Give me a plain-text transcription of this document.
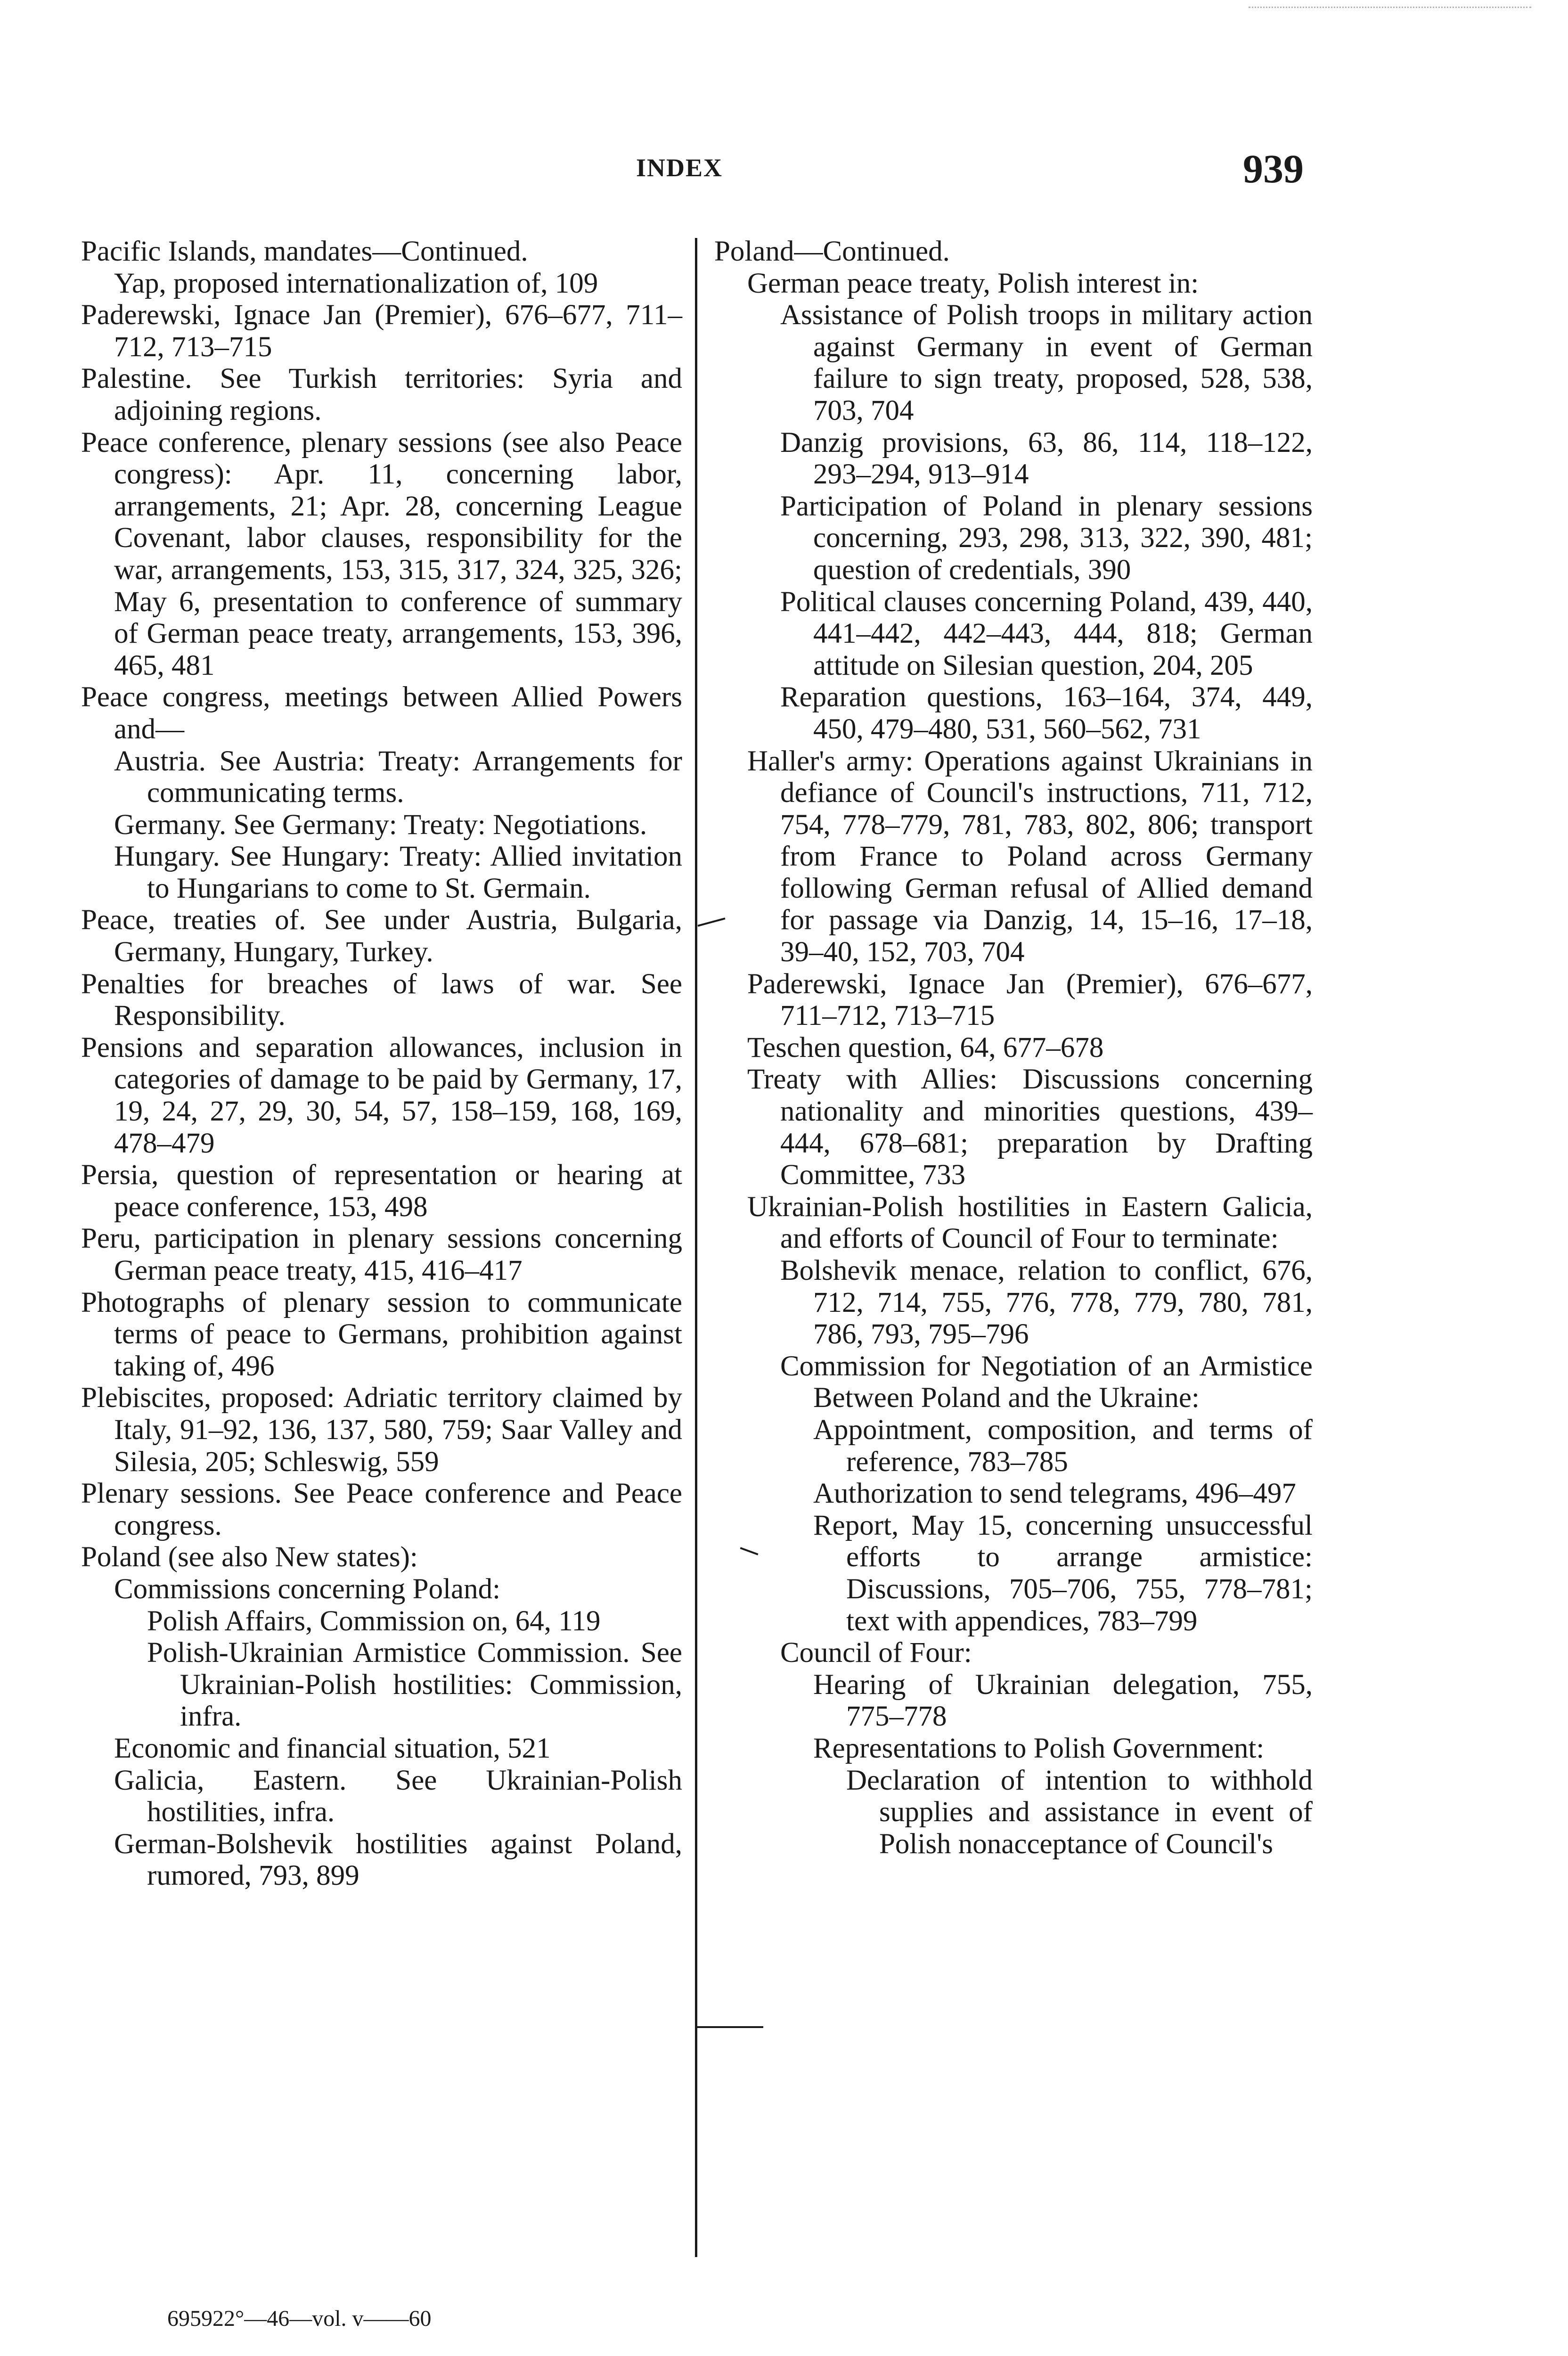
INDEX	939

Pacific Islands, mandates—Continued.

Yap, proposed internationalization of, 109

Paderewski, Ignace Jan (Premier), 676–677, 711–712, 713–715

Palestine. See Turkish territories: Syria and adjoining regions.

Peace conference, plenary sessions (see also Peace congress): Apr. 11, concerning labor, arrangements, 21; Apr. 28, concerning League Covenant, labor clauses, responsibility for the war, arrangements, 153, 315, 317, 324, 325, 326; May 6, presentation to conference of summary of German peace treaty, arrangements, 153, 396, 465, 481

Peace congress, meetings between Allied Powers and—

Austria. See Austria: Treaty: Arrangements for communicating terms.

Germany. See Germany: Treaty: Negotiations.

Hungary. See Hungary: Treaty: Allied invitation to Hungarians to come to St. Germain.

Peace, treaties of. See under Austria, Bulgaria, Germany, Hungary, Turkey.

Penalties for breaches of laws of war. See Responsibility.

Pensions and separation allowances, inclusion in categories of damage to be paid by Germany, 17, 19, 24, 27, 29, 30, 54, 57, 158–159, 168, 169, 478–479

Persia, question of representation or hearing at peace conference, 153, 498

Peru, participation in plenary sessions concerning German peace treaty, 415, 416–417

Photographs of plenary session to communicate terms of peace to Germans, prohibition against taking of, 496

Plebiscites, proposed: Adriatic territory claimed by Italy, 91–92, 136, 137, 580, 759; Saar Valley and Silesia, 205; Schleswig, 559

Plenary sessions. See Peace conference and Peace congress.

Poland (see also New states):

Commissions concerning Poland:

Polish Affairs, Commission on, 64, 119

Polish-Ukrainian Armistice Commission. See Ukrainian-Polish hostilities: Commission, infra.

Economic and financial situation, 521

Galicia, Eastern. See Ukrainian-Polish hostilities, infra.

German-Bolshevik hostilities against Poland, rumored, 793, 899

Poland—Continued.

German peace treaty, Polish interest in:

Assistance of Polish troops in military action against Germany in event of German failure to sign treaty, proposed, 528, 538, 703, 704

Danzig provisions, 63, 86, 114, 118–122, 293–294, 913–914

Participation of Poland in plenary sessions concerning, 293, 298, 313, 322, 390, 481; question of credentials, 390

Political clauses concerning Poland, 439, 440, 441–442, 442–443, 444, 818; German attitude on Silesian question, 204, 205

Reparation questions, 163–164, 374, 449, 450, 479–480, 531, 560–562, 731

Haller's army: Operations against Ukrainians in defiance of Council's instructions, 711, 712, 754, 778–779, 781, 783, 802, 806; transport from France to Poland across Germany following German refusal of Allied demand for passage via Danzig, 14, 15–16, 17–18, 39–40, 152, 703, 704

Paderewski, Ignace Jan (Premier), 676–677, 711–712, 713–715

Teschen question, 64, 677–678

Treaty with Allies: Discussions concerning nationality and minorities questions, 439–444, 678–681; preparation by Drafting Committee, 733

Ukrainian-Polish hostilities in Eastern Galicia, and efforts of Council of Four to terminate:

Bolshevik menace, relation to conflict, 676, 712, 714, 755, 776, 778, 779, 780, 781, 786, 793, 795–796

Commission for Negotiation of an Armistice Between Poland and the Ukraine:

Appointment, composition, and terms of reference, 783–785

Authorization to send telegrams, 496–497

Report, May 15, concerning unsuccessful efforts to arrange armistice: Discussions, 705–706, 755, 778–781; text with appendices, 783–799

Council of Four:

Hearing of Ukrainian delegation, 755, 775–778

Representations to Polish Government:

Declaration of intention to withhold supplies and assistance in event of Polish nonacceptance of Council's

695922°—46—vol. v——60
